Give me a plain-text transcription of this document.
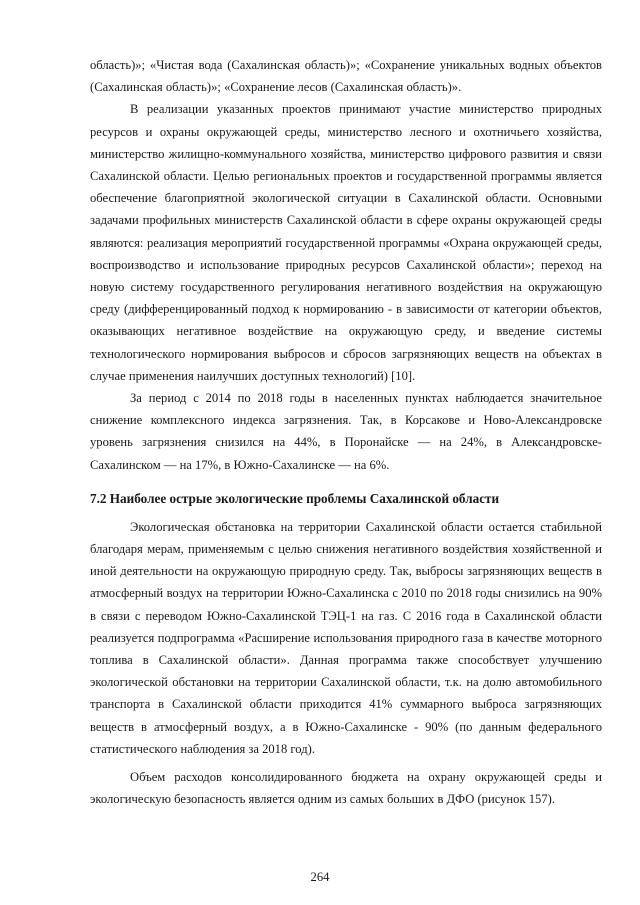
область)»; «Чистая вода (Сахалинская область)»; «Сохранение уникальных водных объектов (Сахалинская область)»; «Сохранение лесов (Сахалинская область)».

В реализации указанных проектов принимают участие министерство природных ресурсов и охраны окружающей среды, министерство лесного и охотничьего хозяйства, министерство жилищно-коммунального хозяйства, министерство цифрового развития и связи Сахалинской области. Целью региональных проектов и государственной программы является обеспечение благоприятной экологической ситуации в Сахалинской области. Основными задачами профильных министерств Сахалинской области в сфере охраны окружающей среды являются: реализация мероприятий государственной программы «Охрана окружающей среды, воспроизводство и использование природных ресурсов Сахалинской области»; переход на новую систему государственного регулирования негативного воздействия на окружающую среду (дифференцированный подход к нормированию - в зависимости от категории объектов, оказывающих негативное воздействие на окружающую среду, и введение системы технологического нормирования выбросов и сбросов загрязняющих веществ на объектах в случае применения наилучших доступных технологий) [10].

За период с 2014 по 2018 годы в населенных пунктах наблюдается значительное снижение комплексного индекса загрязнения. Так, в Корсакове и Ново-Александровске уровень загрязнения снизился на 44%, в Поронайске — на 24%, в Александровске-Сахалинском — на 17%, в Южно-Сахалинске — на 6%.

7.2 Наиболее острые экологические проблемы Сахалинской области

Экологическая обстановка на территории Сахалинской области остается стабильной благодаря мерам, применяемым с целью снижения негативного воздействия хозяйственной и иной деятельности на окружающую природную среду. Так, выбросы загрязняющих веществ в атмосферный воздух на территории Южно-Сахалинска с 2010 по 2018 годы снизились на 90% в связи с переводом Южно-Сахалинской ТЭЦ-1 на газ. С 2016 года в Сахалинской области реализуется подпрограмма «Расширение использования природного газа в качестве моторного топлива в Сахалинской области». Данная программа также способствует улучшению экологической обстановки на территории Сахалинской области, т.к. на долю автомобильного транспорта в Сахалинской области приходится 41% суммарного выброса загрязняющих веществ в атмосферный воздух, а в Южно-Сахалинске - 90% (по данным федерального статистического наблюдения за 2018 год).

Объем расходов консолидированного бюджета на охрану окружающей среды и экологическую безопасность является одним из самых больших в ДФО (рисунок 157).

264
